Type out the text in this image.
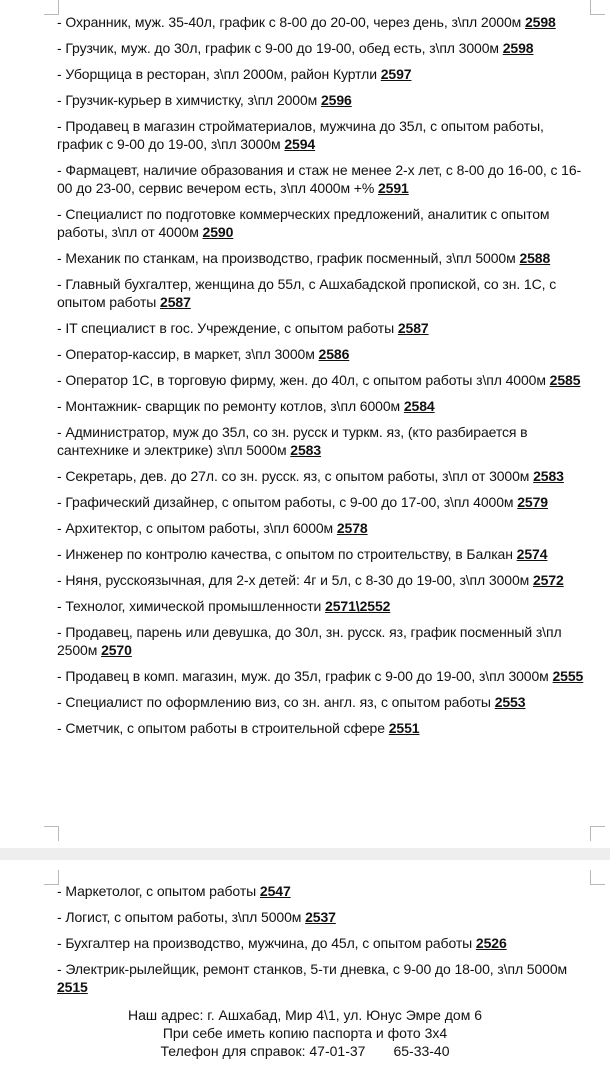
- Охранник, муж. 35-40л, график с 8-00 до 20-00, через день, з\пл 2000м 2598
- Грузчик, муж. до 30л, график с 9-00 до 19-00, обед есть, з\пл 3000м 2598
- Уборщица в ресторан, з\пл 2000м, район Куртли 2597
- Грузчик-курьер в химчистку, з\пл 2000м 2596
- Продавец в магазин стройматериалов, мужчина до 35л, с опытом работы, график с 9-00 до 19-00, з\пл 3000м 2594
- Фармацевт, наличие образования и стаж не менее 2-х лет, с 8-00 до 16-00, с 16-00 до 23-00, сервис вечером есть, з\пл 4000м +% 2591
- Специалист по подготовке коммерческих предложений, аналитик с опытом работы, з\пл от 4000м 2590
- Механик по станкам, на производство, график посменный, з\пл 5000м 2588
- Главный бухгалтер, женщина до 55л, с Ашхабадской пропиской, со зн. 1С, с опытом работы 2587
- IT специалист в гос. Учреждение, с опытом работы 2587
- Оператор-кассир, в маркет, з\пл 3000м 2586
- Оператор 1С, в торговую фирму, жен. до 40л, с опытом работы з\пл 4000м 2585
- Монтажник- сварщик по ремонту котлов, з\пл 6000м 2584
- Администратор, муж до 35л, со зн. русск и туркм. яз, (кто разбирается в сантехнике и электрике) з\пл 5000м 2583
- Секретарь, дев. до 27л. со зн. русск. яз, с опытом работы, з\пл от 3000м 2583
- Графический дизайнер, с опытом работы, с 9-00 до 17-00, з\пл 4000м 2579
- Архитектор, с опытом работы, з\пл 6000м 2578
- Инженер по контролю качества, с опытом по строительству, в Балкан 2574
- Няня, русскоязычная, для 2-х детей: 4г и 5л, с 8-30 до 19-00, з\пл 3000м 2572
- Технолог, химической промышленности 2571\2552
- Продавец, парень или девушка, до 30л, зн. русск. яз, график посменный з\пл 2500м 2570
- Продавец в комп. магазин, муж. до 35л, график с 9-00 до 19-00, з\пл 3000м 2555
- Специалист по оформлению виз, со зн. англ. яз, с опытом работы 2553
- Сметчик, с опытом работы в строительной сфере 2551
- Маркетолог, с опытом работы 2547
- Логист, с опытом работы, з\пл 5000м 2537
- Бухгалтер на производство, мужчина, до 45л, с опытом работы 2526
- Электрик-рылейщик, ремонт станков, 5-ти дневка, с 9-00 до 18-00, з\пл 5000м 2515

Наш адрес: г. Ашхабад, Мир 4\1, ул. Юнус Эмре дом 6

При себе иметь копию паспорта и фото 3х4

Телефон для справок: 47-01-37 65-33-40
